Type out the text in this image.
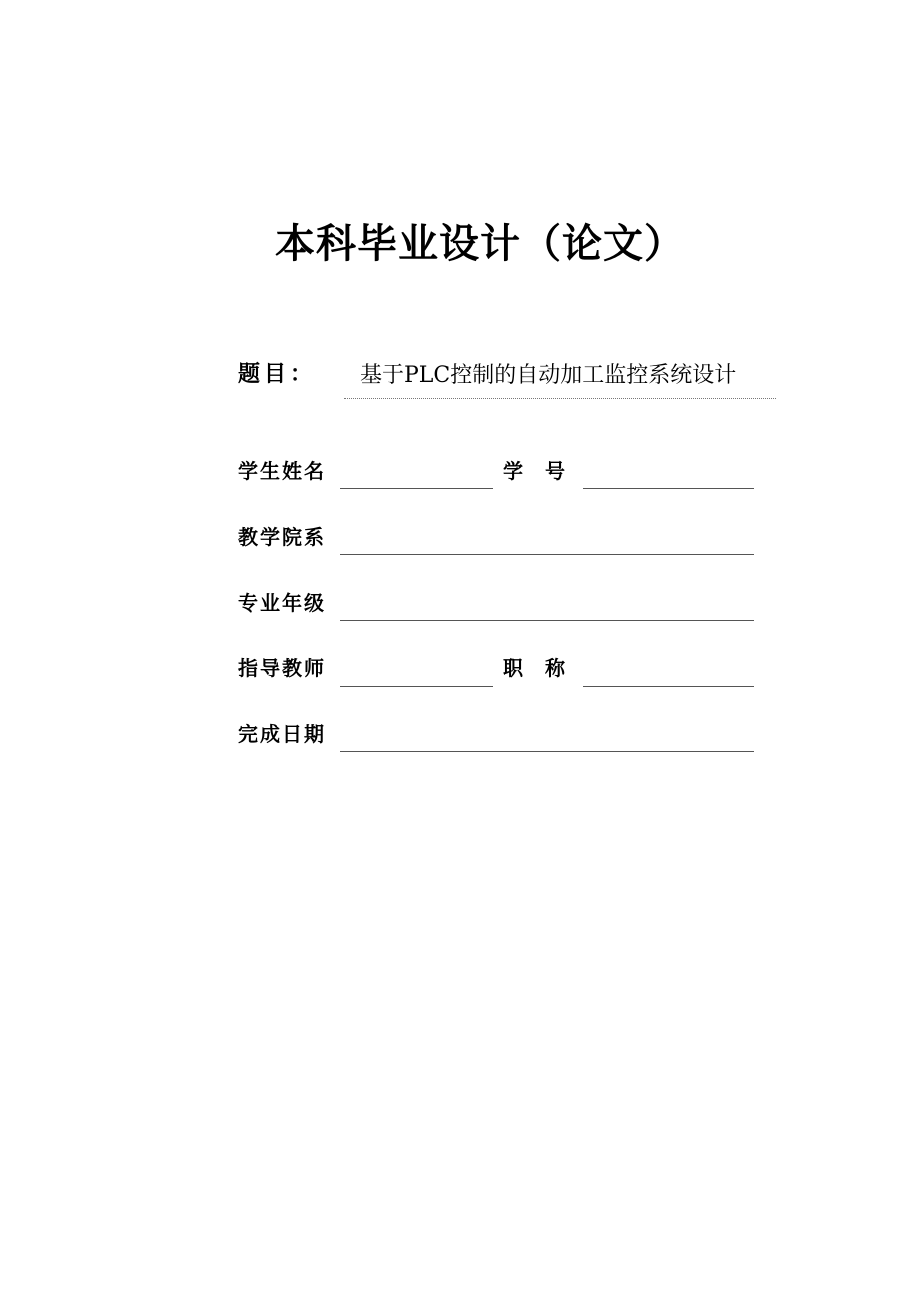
本科毕业设计（论文）
题目： 基于PLC控制的自动加工监控系统设计
学生姓名	学号
教学院系
专业年级
指导教师	职称
完成日期
